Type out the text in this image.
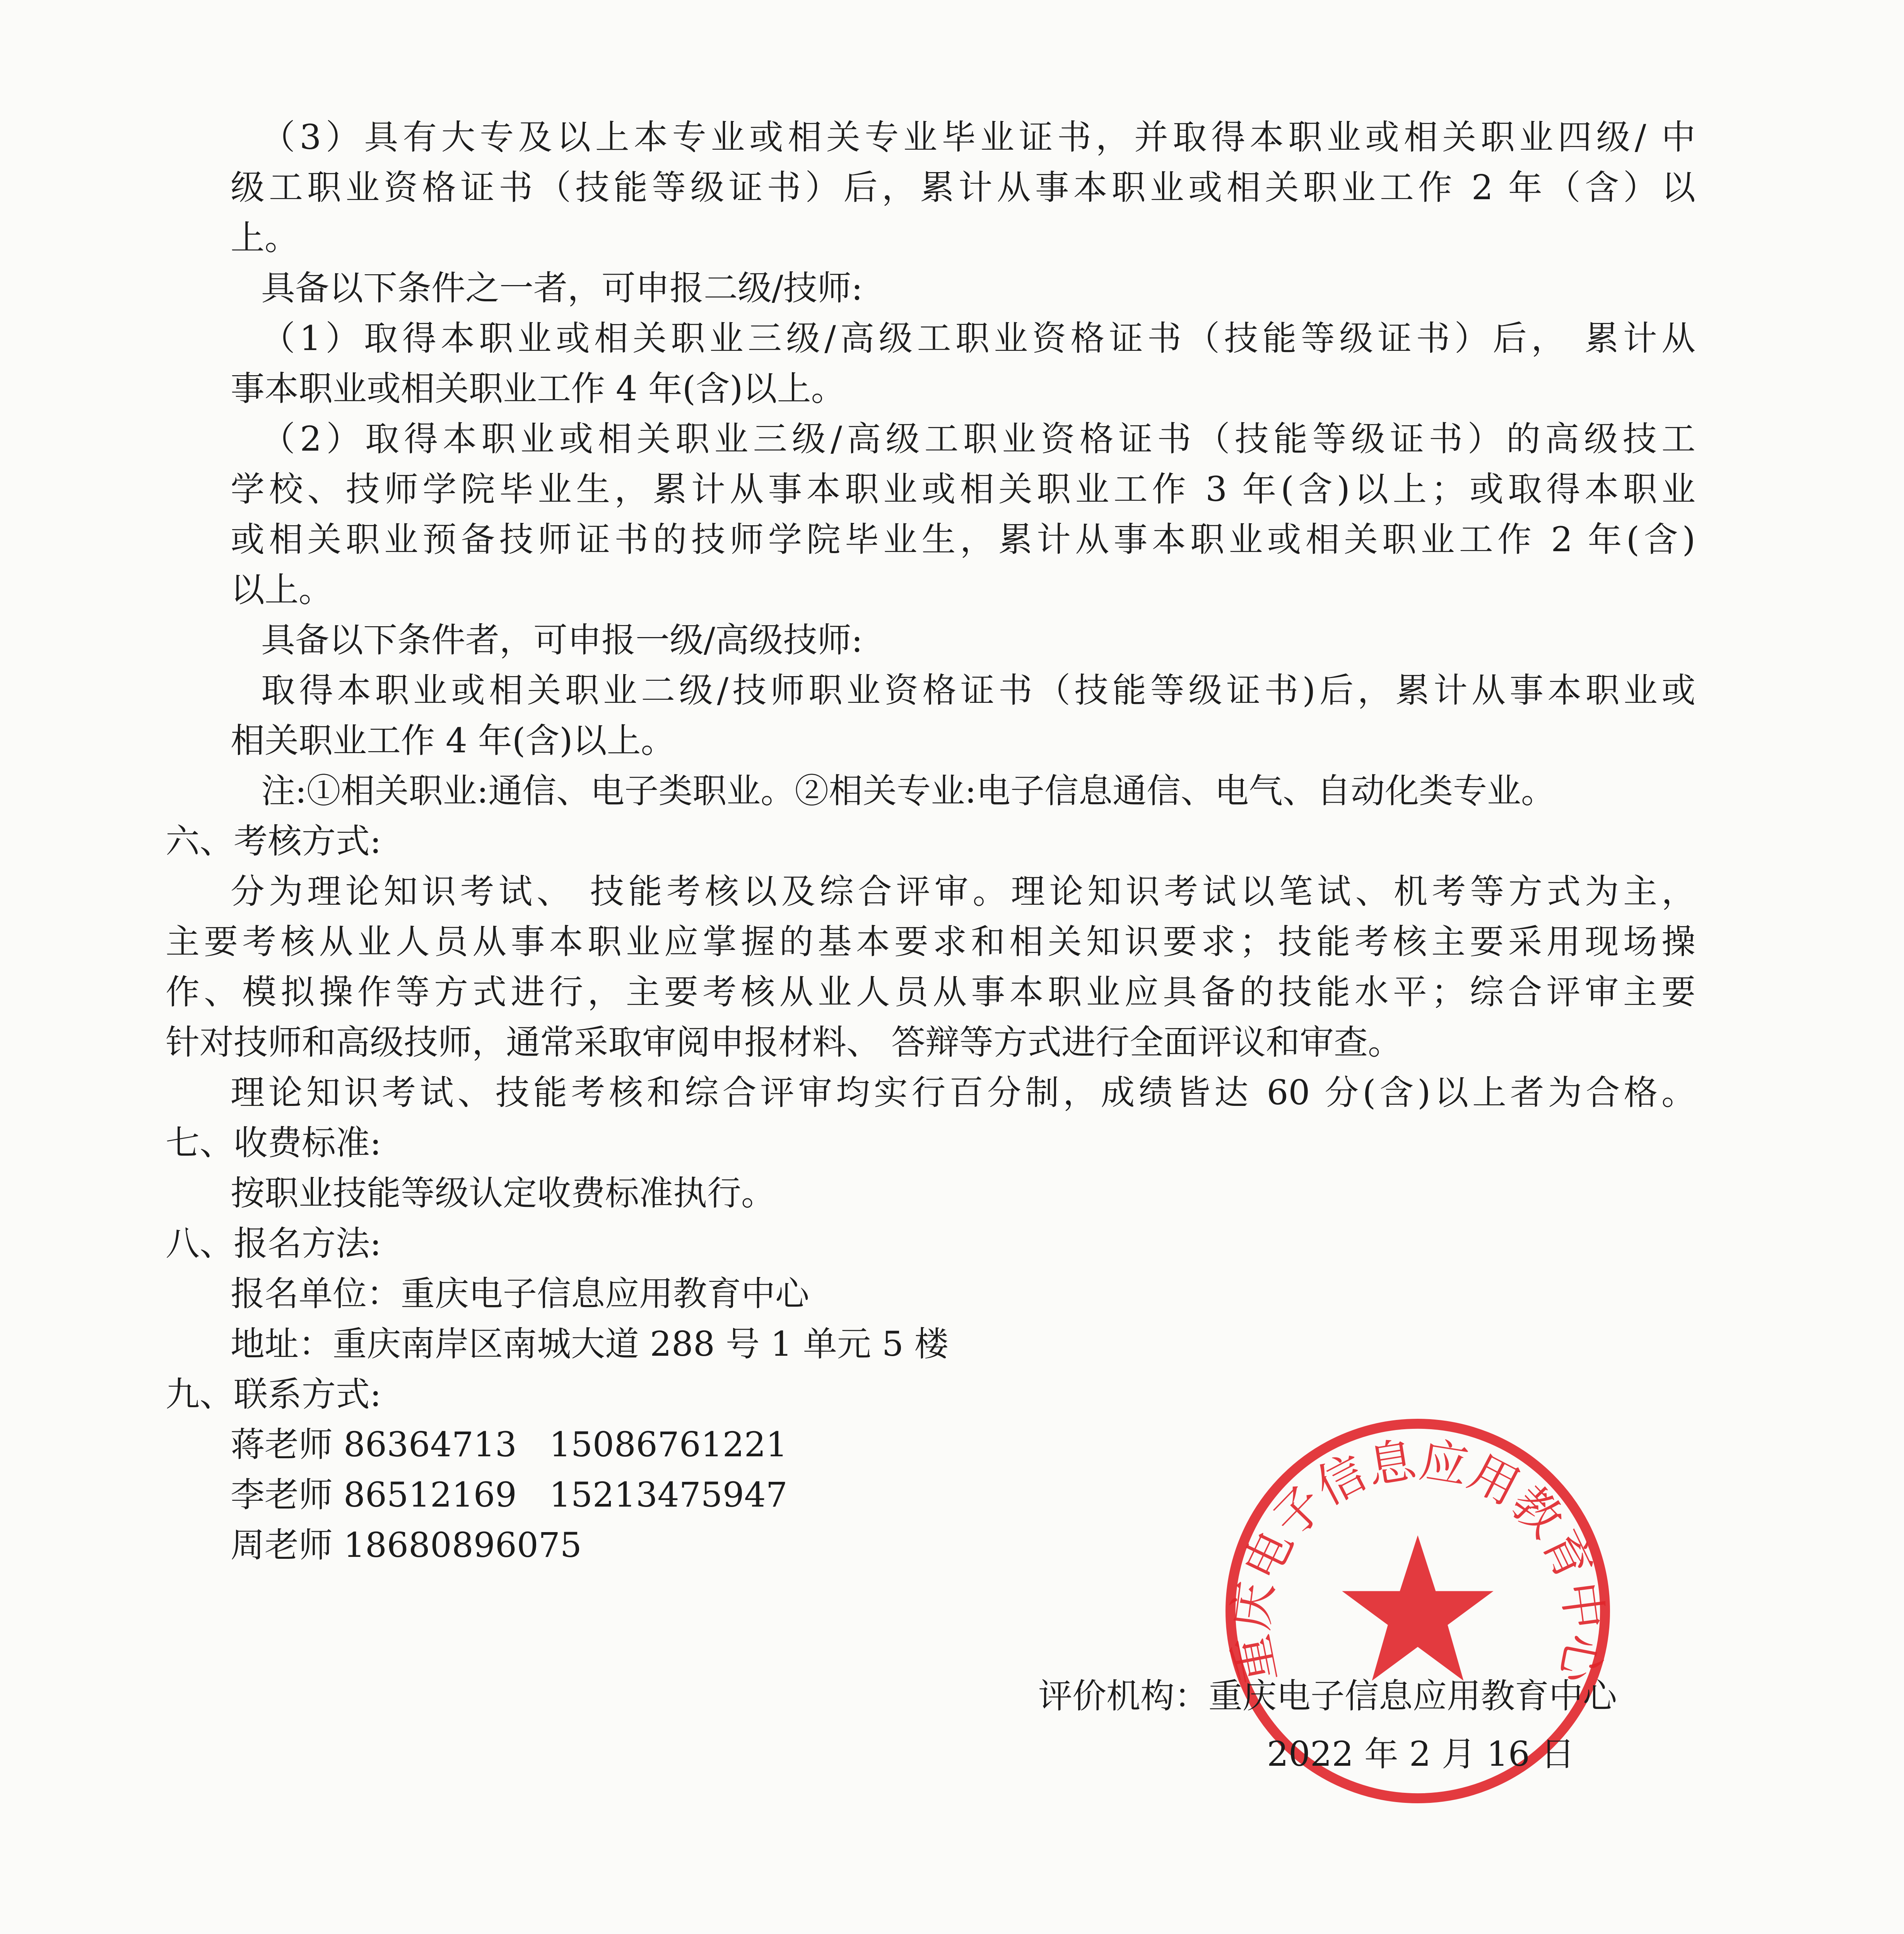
（3）具有大专及以上本专业或相关专业毕业证书，并取得本职业或相关职业四级/ 中
级工职业资格证书（技能等级证书）后，累计从事本职业或相关职业工作 2 年（含）以
上。
具备以下条件之一者，可申报二级/技师:
（1）取得本职业或相关职业三级/高级工职业资格证书（技能等级证书）后， 累计从
事本职业或相关职业工作 4 年(含)以上。
（2）取得本职业或相关职业三级/高级工职业资格证书（技能等级证书）的高级技工
学校、技师学院毕业生，累计从事本职业或相关职业工作 3 年(含)以上；或取得本职业
或相关职业预备技师证书的技师学院毕业生，累计从事本职业或相关职业工作 2 年(含)
以上。
具备以下条件者，可申报一级/高级技师:
取得本职业或相关职业二级/技师职业资格证书（技能等级证书)后，累计从事本职业或
相关职业工作 4 年(含)以上。
注:①相关职业:通信、电子类职业。②相关专业:电子信息通信、电气、自动化类专业。
六、考核方式:
分为理论知识考试、 技能考核以及综合评审。理论知识考试以笔试、机考等方式为主，
主要考核从业人员从事本职业应掌握的基本要求和相关知识要求；技能考核主要采用现场操
作、模拟操作等方式进行，主要考核从业人员从事本职业应具备的技能水平；综合评审主要
针对技师和高级技师，通常采取审阅申报材料、 答辩等方式进行全面评议和审查。
理论知识考试、技能考核和综合评审均实行百分制，成绩皆达 60 分(含)以上者为合格。
七、收费标准:
按职业技能等级认定收费标准执行。
八、报名方法:
报名单位：重庆电子信息应用教育中心
地址：重庆南岸区南城大道 288 号 1 单元 5 楼
九、联系方式:
蒋老师 86364713 15086761221
李老师 86512169 15213475947
周老师 18680896075
重庆电子信息应用教育中心
评价机构：重庆电子信息应用教育中心
2022 年 2 月 16 日
